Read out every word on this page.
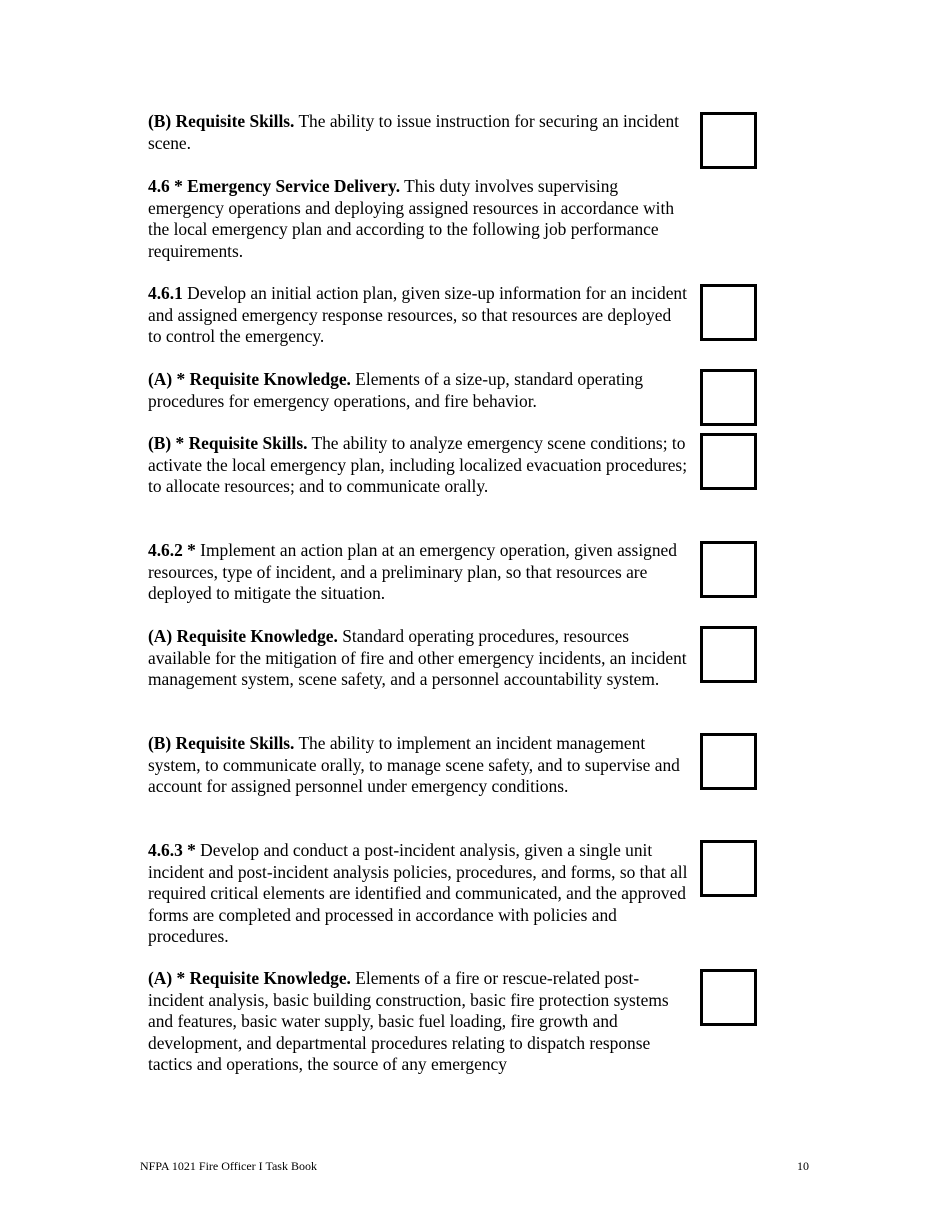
(B) Requisite Skills. The ability to issue instruction for securing an incident scene.
4.6 * Emergency Service Delivery. This duty involves supervising emergency operations and deploying assigned resources in accordance with the local emergency plan and according to the following job performance requirements.
4.6.1 Develop an initial action plan, given size-up information for an incident and assigned emergency response resources, so that resources are deployed to control the emergency.
(A) * Requisite Knowledge. Elements of a size-up, standard operating procedures for emergency operations, and fire behavior.
(B) * Requisite Skills. The ability to analyze emergency scene conditions; to activate the local emergency plan, including localized evacuation procedures; to allocate resources; and to communicate orally.
4.6.2 * Implement an action plan at an emergency operation, given assigned resources, type of incident, and a preliminary plan, so that resources are deployed to mitigate the situation.
(A) Requisite Knowledge. Standard operating procedures, resources available for the mitigation of fire and other emergency incidents, an incident management system, scene safety, and a personnel accountability system.
(B) Requisite Skills. The ability to implement an incident management system, to communicate orally, to manage scene safety, and to supervise and account for assigned personnel under emergency conditions.
4.6.3 * Develop and conduct a post-incident analysis, given a single unit incident and post-incident analysis policies, procedures, and forms, so that all required critical elements are identified and communicated, and the approved forms are completed and processed in accordance with policies and procedures.
(A) * Requisite Knowledge. Elements of a fire or rescue-related post-incident analysis, basic building construction, basic fire protection systems and features, basic water supply, basic fuel loading, fire growth and development, and departmental procedures relating to dispatch response tactics and operations, the source of any emergency
NFPA 1021 Fire Officer I Task Book	10
